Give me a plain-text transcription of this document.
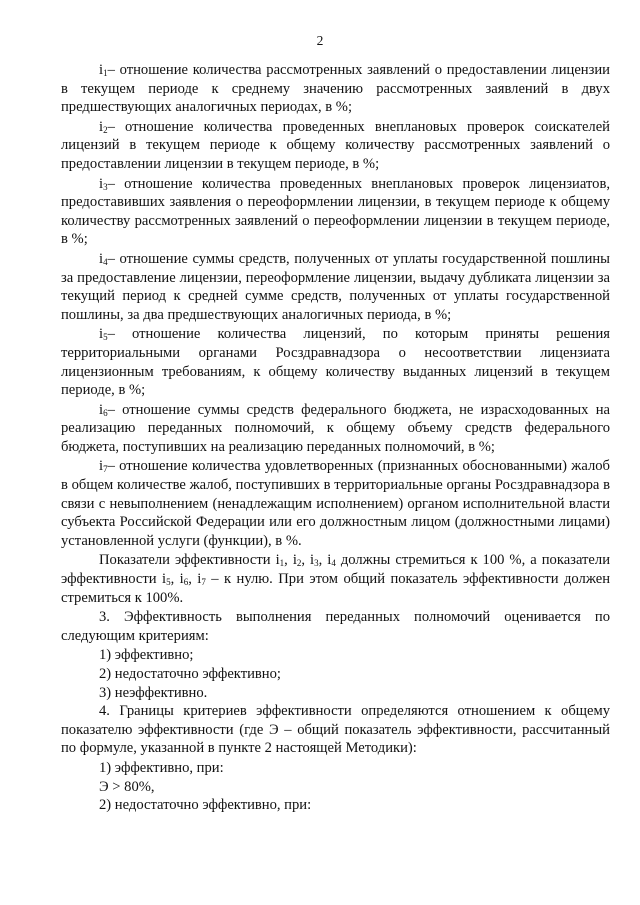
2

$i_1-$ отношение количества рассмотренных заявлений о предоставлении лицензии в текущем периоде к среднему значению рассмотренных заявлений в двух предшествующих аналогичных периодах, в %;

$i_2-$ отношение количества проведенных внеплановых проверок соискателей лицензий в текущем периоде к общему количеству рассмотренных заявлений о предоставлении лицензии в текущем периоде, в %;

$i_3-$ отношение количества проведенных внеплановых проверок лицензиатов, предоставивших заявления о переоформлении лицензии, в текущем периоде к общему количеству рассмотренных заявлений о переоформлении лицензии в текущем периоде, в %;

$i_4-$ отношение суммы средств, полученных от уплаты государственной пошлины за предоставление лицензии, переоформление лицензии, выдачу дубликата лицензии за текущий период к средней сумме средств, полученных от уплаты государственной пошлины, за два предшествующих аналогичных периода, в %;

$i_5-$ отношение количества лицензий, по которым приняты решения территориальными органами Росздравнадзора о несоответствии лицензиата лицензионным требованиям, к общему количеству выданных лицензий в текущем периоде, в %;

$i_6-$ отношение суммы средств федерального бюджета, не израсходованных на реализацию переданных полномочий, к общему объему средств федерального бюджета, поступивших на реализацию переданных полномочий, в %;

$i_7-$ отношение количества удовлетворенных (признанных обоснованными) жалоб в общем количестве жалоб, поступивших в территориальные органы Росздравнадзора в связи с невыполнением (ненадлежащим исполнением) органом исполнительной власти субъекта Российской Федерации или его должностным лицом (должностными лицами) установленной услуги (функции), в %.

Показатели эффективности $i_1$, $i_2$, $i_3$, $i_4$ должны стремиться к 100 %, а показатели эффективности $i_5$, $i_6$, $i_7$ – к нулю. При этом общий показатель эффективности должен стремиться к 100%.

3. Эффективность выполнения переданных полномочий оценивается по следующим критериям:

1) эффективно;

2) недостаточно эффективно;

3) неэффективно.

4. Границы критериев эффективности определяются отношением к общему показателю эффективности (где Э – общий показатель эффективности, рассчитанный по формуле, указанной в пункте 2 настоящей Методики):

1) эффективно, при:

Э > 80%,

2) недостаточно эффективно, при:
